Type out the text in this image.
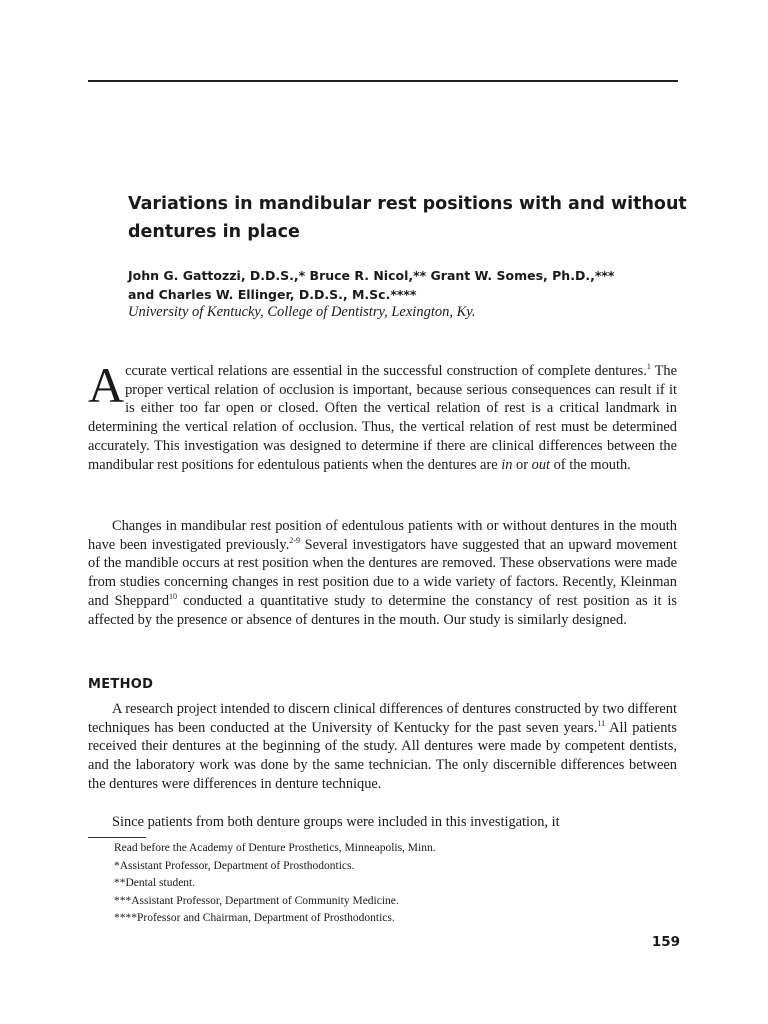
Variations in mandibular rest positions with and without dentures in place
John G. Gattozzi, D.D.S.,* Bruce R. Nicol,** Grant W. Somes, Ph.D.,***
and Charles W. Ellinger, D.D.S., M.Sc.****
University of Kentucky, College of Dentistry, Lexington, Ky.

Accurate vertical relations are essential in the successful construction of complete dentures.$^1$ The proper vertical relation of occlusion is important, because serious consequences can result if it is either too far open or closed. Often the vertical relation of rest is a critical landmark in determining the vertical relation of occlusion. Thus, the vertical relation of rest must be determined accurately. This investigation was designed to determine if there are clinical differences between the mandibular rest positions for edentulous patients when the dentures are in or out of the mouth.

Changes in mandibular rest position of edentulous patients with or without dentures in the mouth have been investigated previously.$^{2-9}$ Several investigators have suggested that an upward movement of the mandible occurs at rest position when the dentures are removed. These observations were made from studies concerning changes in rest position due to a wide variety of factors. Recently, Kleinman and Sheppard$^{10}$ conducted a quantitative study to determine the constancy of rest position as it is affected by the presence or absence of dentures in the mouth. Our study is similarly designed.

METHOD

A research project intended to discern clinical differences of dentures constructed by two different techniques has been conducted at the University of Kentucky for the past seven years.$^{11}$ All patients received their dentures at the beginning of the study. All dentures were made by competent dentists, and the laboratory work was done by the same technician. The only discernible differences between the dentures were differences in denture technique.

Since patients from both denture groups were included in this investigation, it

Read before the Academy of Denture Prosthetics, Minneapolis, Minn.
*Assistant Professor, Department of Prosthodontics.
**Dental student.
***Assistant Professor, Department of Community Medicine.
****Professor and Chairman, Department of Prosthodontics.
159
